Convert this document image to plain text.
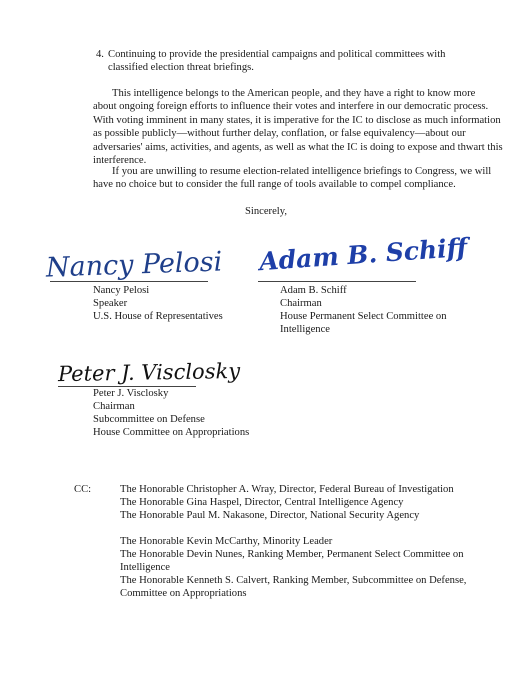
4. Continuing to provide the presidential campaigns and political committees with
classified election threat briefings.
This intelligence belongs to the American people, and they have a right to know more
about ongoing foreign efforts to influence their votes and interfere in our democratic process.
With voting imminent in many states, it is imperative for the IC to disclose as much information
as possible publicly—without further delay, conflation, or false equivalency—about our
adversaries' aims, activities, and agents, as well as what the IC is doing to expose and thwart this
interference.
If you are unwilling to resume election-related intelligence briefings to Congress, we will
have no choice but to consider the full range of tools available to compel compliance.
Sincerely,
Nancy Pelosi
Nancy Pelosi
Speaker
U.S. House of Representatives
Adam B. Schiff
Adam B. Schiff
Chairman
House Permanent Select Committee on
Intelligence
Peter J. Visclosky
Peter J. Visclosky
Chairman
Subcommittee on Defense
House Committee on Appropriations
CC:	The Honorable Christopher A. Wray, Director, Federal Bureau of Investigation
The Honorable Gina Haspel, Director, Central Intelligence Agency
The Honorable Paul M. Nakasone, Director, National Security Agency
The Honorable Kevin McCarthy, Minority Leader
The Honorable Devin Nunes, Ranking Member, Permanent Select Committee on
Intelligence
The Honorable Kenneth S. Calvert, Ranking Member, Subcommittee on Defense,
Committee on Appropriations
